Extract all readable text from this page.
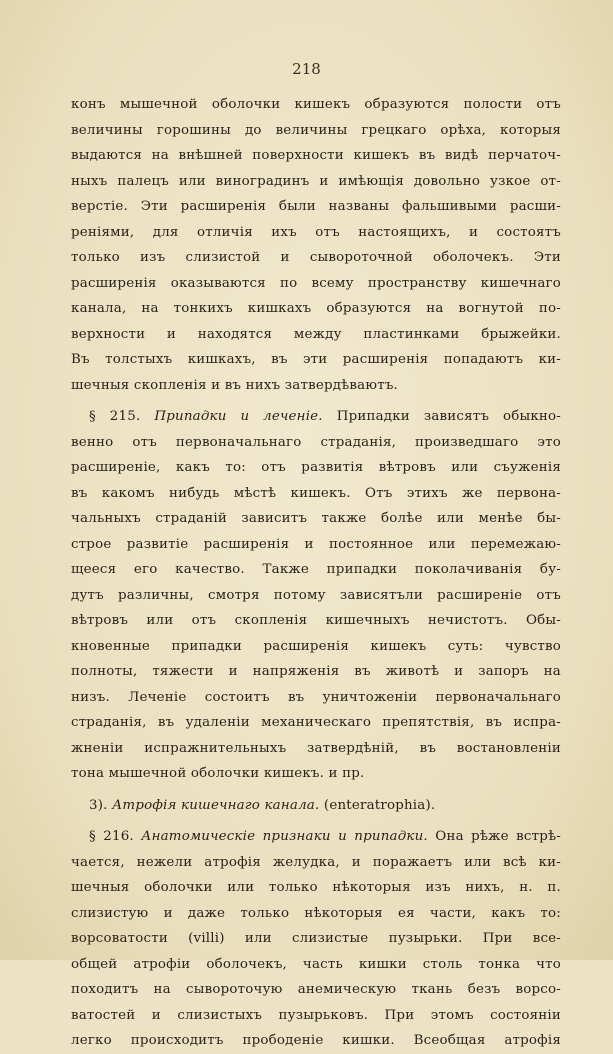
218
конъ мышечной оболочки кишекъ образуются полости отъ
величины горошины до величины грецкаго орѣха, которыя
выдаются на внѣшней поверхности кишекъ въ видѣ перчаточ-
ныхъ палецъ или виноградинъ и имѣющія довольно узкое от-
верстіе. Эти расширенія были названы фальшивыми расши-
реніями, для отличія ихъ отъ настоящихъ, и состоятъ
только изъ слизистой и сывороточной оболочекъ. Эти
расширенія оказываются по всему пространству кишечнаго
канала, на тонкихъ кишкахъ образуются на вогнутой по-
верхности и находятся между пластинками брыжейки.
Въ толстыхъ кишкахъ, въ эти расширенія попадаютъ ки-
шечныя скопленія и въ нихъ затвердѣваютъ.
§ 215. Припадки и леченіе. Припадки зависятъ обыкно-
венно отъ первоначальнаго страданія, произведшаго это
расширеніе, какъ то: отъ развитія вѣтровъ или съуженія
въ какомъ нибудь мѣстѣ кишекъ. Отъ этихъ же первона-
чальныхъ страданій зависитъ также болѣе или менѣе бы-
строе развитіе расширенія и постоянное или перемежаю-
щееся его качество. Также припадки поколачиванія бу-
дутъ различны, смотря потому зависятъли расширеніе отъ
вѣтровъ или отъ скопленія кишечныхъ нечистотъ. Обы-
кновенные припадки расширенія кишекъ суть: чувство
полноты, тяжести и напряженія въ животѣ и запоръ на
низъ. Леченіе состоитъ въ уничтоженіи первоначальнаго
страданія, въ удаленіи механическаго препятствія, въ испра-
жненіи испражнительныхъ затвердѣній, въ востановленіи
тона мышечной оболочки кишекъ. и пр.
3). Атрофія кишечнаго канала. (enteratrophia).
§ 216. Анатомическіе признаки и припадки. Она рѣже встрѣ-
чается, нежели атрофія желудка, и поражаетъ или всѣ ки-
шечныя оболочки или только нѣкоторыя изъ нихъ, н. п.
слизистую и даже только нѣкоторыя ея части, какъ то:
ворсоватости (villi) или слизистые пузырьки. При все-
общей атрофіи оболочекъ, часть кишки столь тонка что
походитъ на сывороточую анемическую ткань безъ ворсо-
ватостей и слизистыхъ пузырьковъ. При этомъ состояніи
легко происходитъ прободеніе кишки. Всеобщая атрофія
